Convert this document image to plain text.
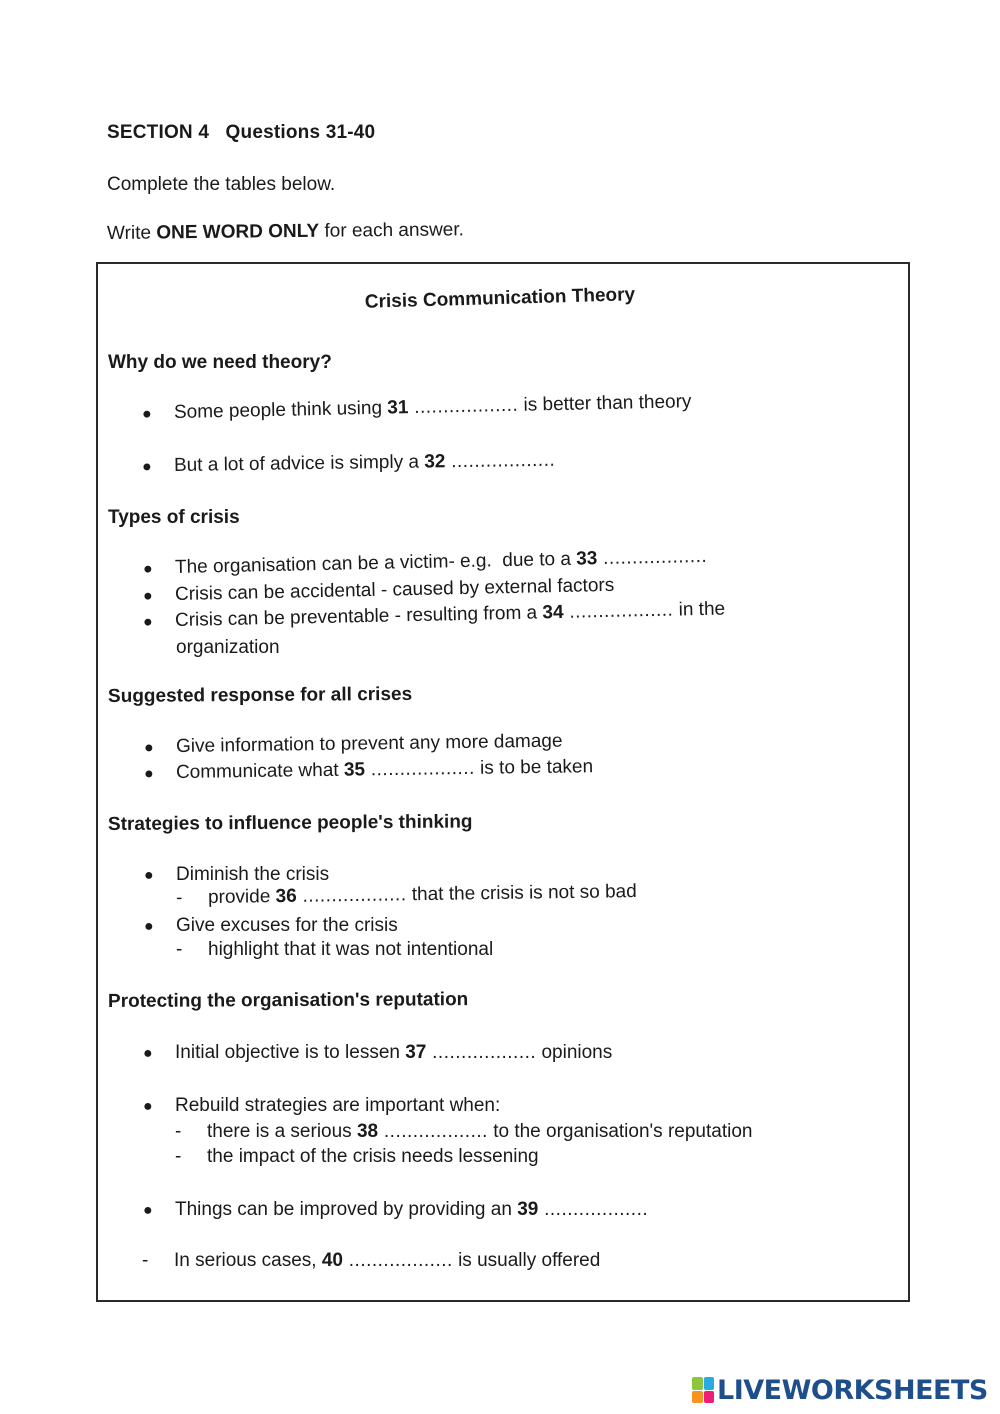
SECTION 4   Questions 31-40
Complete the tables below.
Write ONE WORD ONLY for each answer.
Crisis Communication Theory
Why do we need theory?
● Some people think using 31 .................. is better than theory
● But a lot of advice is simply a 32 ..................
Types of crisis
● The organisation can be a victim- e.g.  due to a 33 ..................
● Crisis can be accidental - caused by external factors
● Crisis can be preventable - resulting from a 34 .................. in the
organization
Suggested response for all crises
● Give information to prevent any more damage
● Communicate what 35 .................. is to be taken
Strategies to influence people's thinking
● Diminish the crisis
- provide 36 .................. that the crisis is not so bad
● Give excuses for the crisis
- highlight that it was not intentional
Protecting the organisation's reputation
● Initial objective is to lessen 37 .................. opinions
● Rebuild strategies are important when:
- there is a serious 38 .................. to the organisation's reputation
- the impact of the crisis needs lessening
● Things can be improved by providing an 39 ..................
- In serious cases, 40 .................. is usually offered
LIVEWORKSHEETS
